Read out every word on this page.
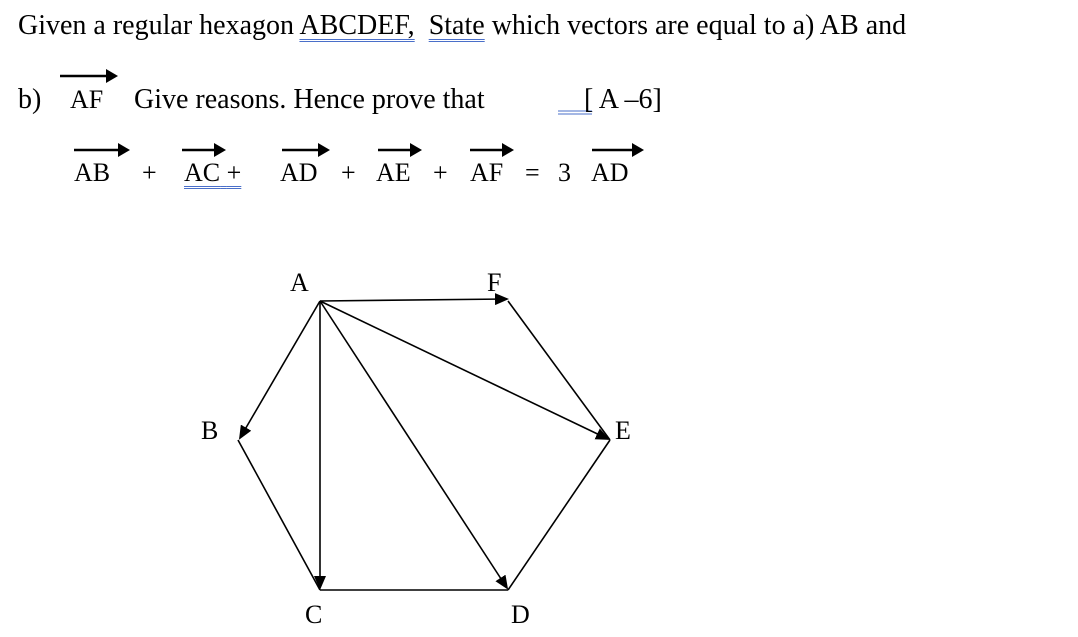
Given a regular hexagon ABCDEF, State which vectors are equal to a) AB and
b) AF Give reasons. Hence prove that	[ A –6]
AB + AC + AD + AE + AF = 3 AD
A	F
B	E
C	D
